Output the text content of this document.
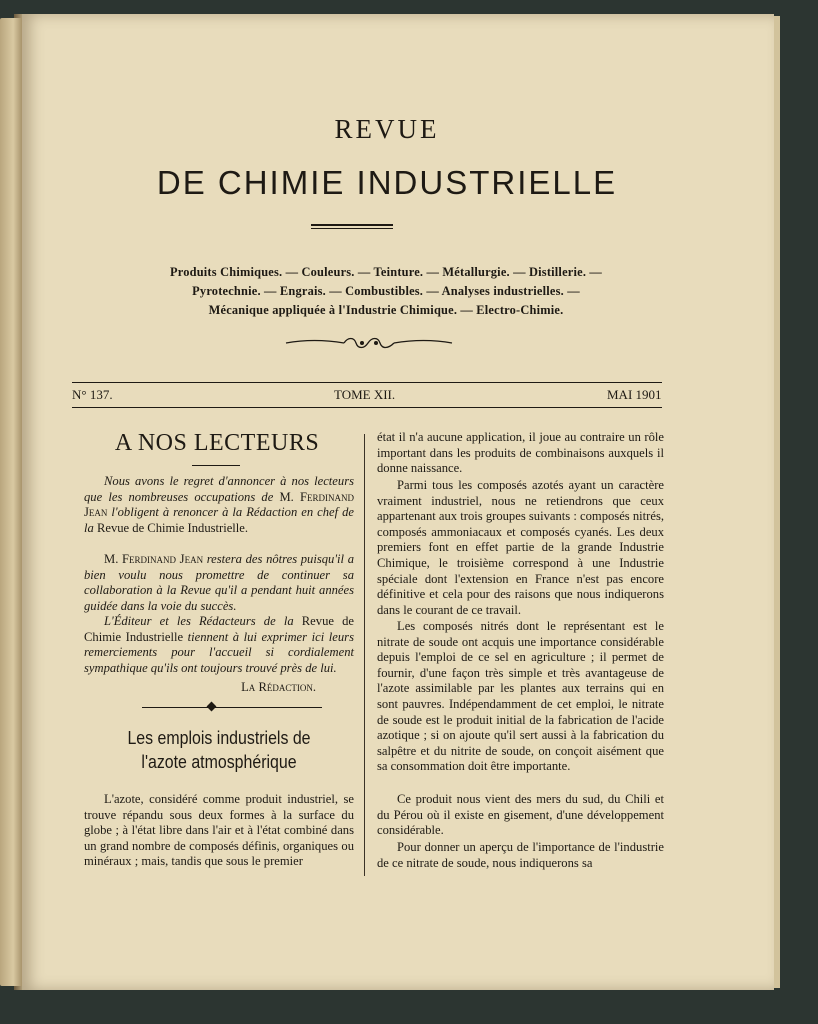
REVUE
DE CHIMIE INDUSTRIELLE
Produits Chimiques. — Couleurs. — Teinture. — Métallurgie. — Distillerie. —
Pyrotechnie. — Engrais. — Combustibles. — Analyses industrielles. —
Mécanique appliquée à l'Industrie Chimique. — Electro-Chimie.
N° 137.	TOME XII.	MAI 1901
A NOS LECTEURS
Nous avons le regret d'annoncer à nos lecteurs que les nombreuses occupations de M. Ferdinand Jean l'obligent à renoncer à la Rédaction en chef de la Revue de Chimie Industrielle.
M. Ferdinand Jean restera des nôtres puisqu'il a bien voulu nous promettre de continuer sa collaboration à la Revue qu'il a pendant huit années guidée dans la voie du succès.
L'Éditeur et les Rédacteurs de la Revue de Chimie Industrielle tiennent à lui exprimer ici leurs remerciements pour l'accueil si cordialement sympathique qu'ils ont toujours trouvé près de lui.
La Rédaction.
Les emplois industriels de l'azote atmosphérique
L'azote, considéré comme produit industriel, se trouve répandu sous deux formes à la surface du globe ; à l'état libre dans l'air et à l'état combiné dans un grand nombre de composés définis, organiques ou minéraux ; mais, tandis que sous le premier
état il n'a aucune application, il joue au contraire un rôle important dans les produits de combinaisons auxquels il donne naissance.
Parmi tous les composés azotés ayant un caractère vraiment industriel, nous ne retiendrons que ceux appartenant aux trois groupes suivants : composés nitrés, composés ammoniacaux et composés cyanés. Les deux premiers font en effet partie de la grande Industrie Chimique, le troisième correspond à une Industrie spéciale dont l'extension en France n'est pas encore définitive et cela pour des raisons que nous indiquerons dans le courant de ce travail.
Les composés nitrés dont le représentant est le nitrate de soude ont acquis une importance considérable depuis l'emploi de ce sel en agriculture ; il permet de fournir, d'une façon très simple et très avantageuse de l'azote assimilable par les plantes aux terrains qui en sont pauvres. Indépendamment de cet emploi, le nitrate de soude est le produit initial de la fabrication de l'acide azotique ; si on ajoute qu'il sert aussi à la fabrication du salpêtre et du nitrite de soude, on conçoit aisément que sa consommation doit être importante.
Ce produit nous vient des mers du sud, du Chili et du Pérou où il existe en gisement, d'une développement considérable.
Pour donner un aperçu de l'importance de l'industrie de ce nitrate de soude, nous indiquerons sa
